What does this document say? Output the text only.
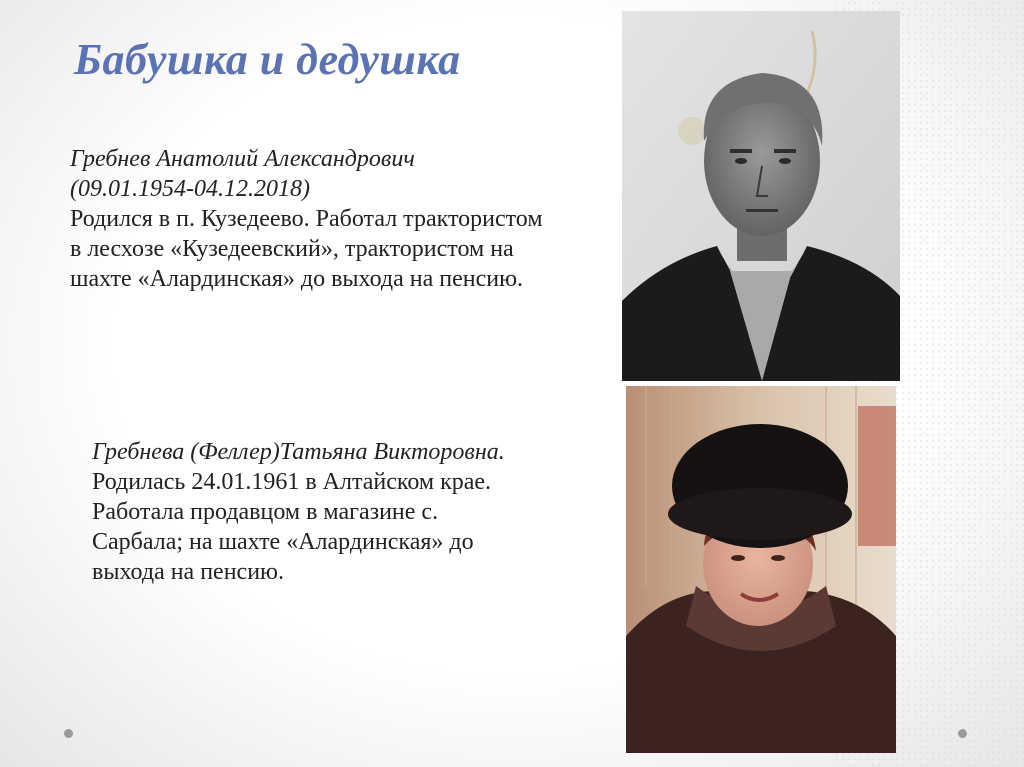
Бабушка и дедушка
Гребнев Анатолий Александрович
(09.01.1954-04.12.2018)
Родился в п. Кузедеево. Работал трактористом в лесхозе «Кузедеевский», трактористом на шахте «Алардинская» до выхода на пенсию.
Гребнева (Феллер)Татьяна Викторовна.
Родилась 24.01.1961 в Алтайском крае. Работала продавцом в магазине с. Сарбала; на шахте «Алардинская» до выхода на пенсию.
